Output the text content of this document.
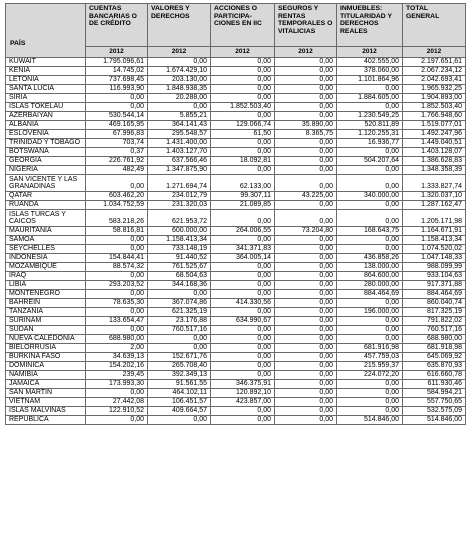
PAÍS	CUENTAS BANCARIAS O DE CRÉDITO	VALORES Y DERECHOS	ACCIONES O PARTICIPA- CIONES EN IIC	SEGUROS Y RENTAS TEMPORALES O VITALICIAS	INMUEBLES: TITULARIDAD Y DERECHOS REALES	TOTAL GENERAL
	2012	2012	2012	2012	2012	2012
KUWAIT	1.795.096,61	0,00	0,00	0,00	402.555,00	2.197.651,61
KENIA	14.745,02	1.674.429,10	0,00	0,00	378.060,00	2.067.234,12
LETONIA	737.698,45	203.130,00	0,00	0,00	1.101.864,96	2.042.693,41
SANTA LUCIA	116.993,90	1.848.938,35	0,00	0,00	0,00	1.965.932,25
SIRIA	0,00	20.288,00	0,00	0,00	1.884.605,00	1.904.893,00
ISLAS TOKELAU	0,00	0,00	1.852.503,40	0,00	0,00	1.852.503,40
AZERBAIYAN	530.544,14	5.855,21	0,00	0,00	1.230.549,25	1.766.948,60
ALBANIA	469.165,95	364.141,43	129.066,74	35.890,00	520.811,89	1.519.077,01
ESLOVENIA	67.996,83	295.548,57	61,50	8.365,75	1.120.255,31	1.492.247,96
TRINIDAD Y TOBAGO	703,74	1.431.400,00	0,00	0,00	16.936,77	1.449.040,51
BOTSWANA	0,37	1.403.127,70	0,00	0,00	0,00	1.403.128,07
GEORGIA	226.761,92	637.566,46	18.092,81	0,00	504.207,64	1.386.628,83
NIGERIA	482,49	1.347.875,90	0,00	0,00	0,00	1.348.358,39
SAN VICENTE Y LAS GRANADINAS	0,00	1.271.694,74	62.133,00	0,00	0,00	1.333.827,74
QATAR	603.462,20	234.012,79	99.307,11	43.225,00	340.000,00	1.320.037,10
RUANDA	1.034.752,59	231.320,03	21.089,85	0,00	0,00	1.287.162,47
ISLAS TURCAS Y CAICOS	583.218,26	621.953,72	0,00	0,00	0,00	1.205.171,98
MAURITANIA	58.816,81	600.000,00	264.006,55	73.204,80	168.643,75	1.164.671,91
SAMOA	0,00	1.158.413,34	0,00	0,00	0,00	1.158.413,34
SEYCHELLES	0,00	733.148,19	341.371,83	0,00	0,00	1.074.520,02
INDONESIA	154.844,41	91.440,52	364.005,14	0,00	436.858,26	1.047.148,33
MOZAMBIQUE	88.574,32	761.525,67	0,00	0,00	138.000,00	988.099,99
IRAQ	0,00	68.504,63	0,00	0,00	864.600,00	933.104,63
LIBIA	293.203,52	344.168,36	0,00	0,00	280.000,00	917.371,88
MONTENEGRO	0,00	0,00	0,00	0,00	884.464,69	884.464,69
BAHREIN	78.635,30	367.074,86	414.330,56	0,00	0,00	860.040,74
TANZANIA	0,00	621.325,19	0,00	0,00	196.000,00	817.325,19
SURINAM	133.654,47	23.176,88	634.990,67	0,00	0,00	791.822,02
SUDÁN	0,00	760.517,16	0,00	0,00	0,00	760.517,16
NUEVA CALEDONIA	688.980,00	0,00	0,00	0,00	0,00	688.980,00
BIELORRUSIA	2,00	0,00	0,00	0,00	681.916,98	681.918,98
BURKINA FASO	34.639,13	152.671,76	0,00	0,00	457.759,03	645.069,92
DOMINICA	154.202,16	265.708,40	0,00	0,00	215.959,37	635.870,93
NAMIBIA	239,45	392.349,13	0,00	0,00	224.072,20	616.660,78
JAMAICA	173.993,30	91.561,55	346.375,91	0,00	0,00	611.930,46
SAN MARTIN	0,00	464.102,11	120.892,10	0,00	0,00	584.994,21
VIETNAM	27.442,08	106.451,57	423.857,00	0,00	0,00	557.750,65
ISLAS MALVINAS	122.910,52	409.664,57	0,00	0,00	0,00	532.575,09
REPUBLICA	0,00	0,00	0,00	0,00	514.846,00	514.846,00
